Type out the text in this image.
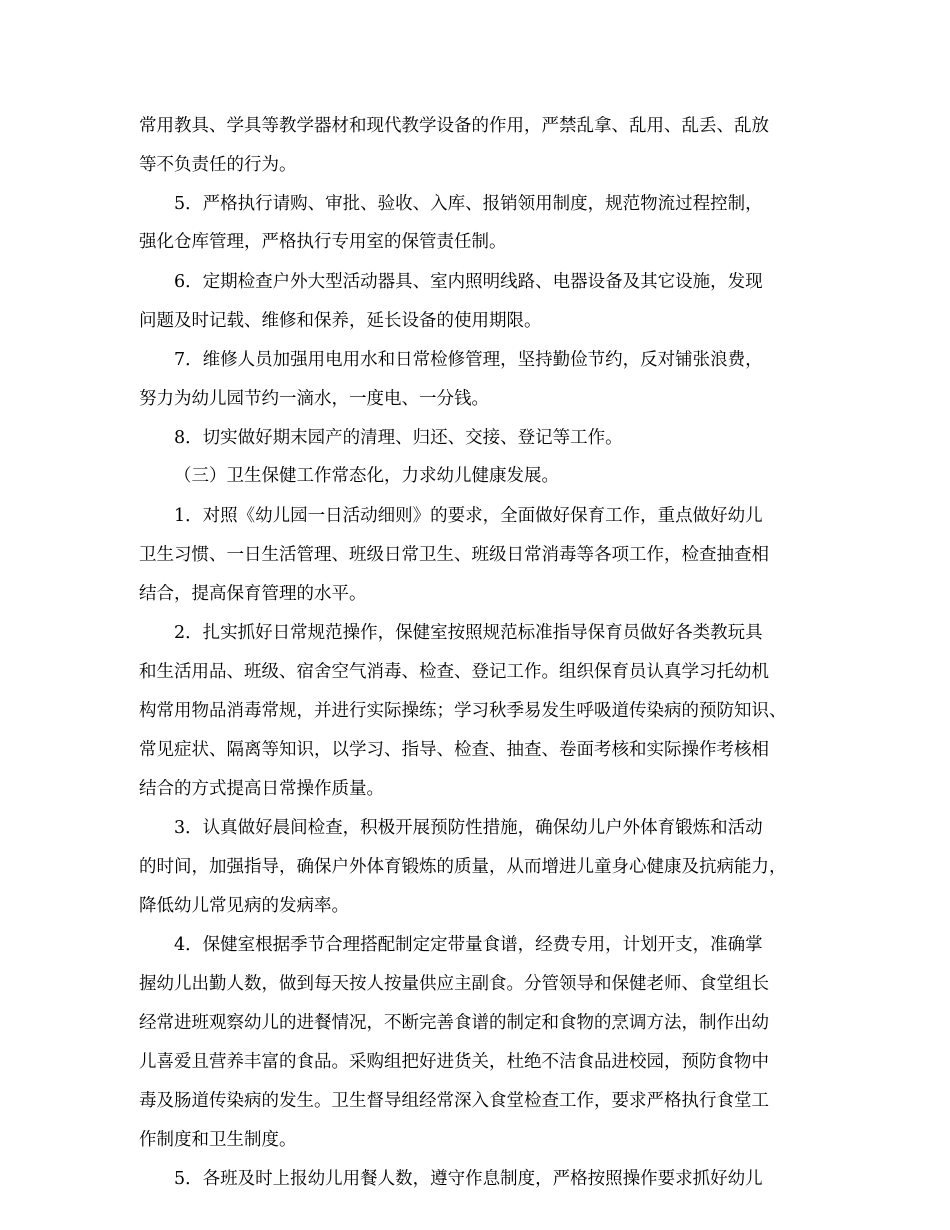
常用教具、学具等教学器材和现代教学设备的作用，严禁乱拿、乱用、乱丢、乱放
等不负责任的行为。
5．严格执行请购、审批、验收、入库、报销领用制度，规范物流过程控制，
强化仓库管理，严格执行专用室的保管责任制。
6．定期检查户外大型活动器具、室内照明线路、电器设备及其它设施，发现
问题及时记载、维修和保养，延长设备的使用期限。
7．维修人员加强用电用水和日常检修管理，坚持勤俭节约，反对铺张浪费，
努力为幼儿园节约一滴水，一度电、一分钱。
8．切实做好期末园产的清理、归还、交接、登记等工作。
（三）卫生保健工作常态化，力求幼儿健康发展。
1．对照《幼儿园一日活动细则》的要求，全面做好保育工作，重点做好幼儿
卫生习惯、一日生活管理、班级日常卫生、班级日常消毒等各项工作，检查抽查相
结合，提高保育管理的水平。
2．扎实抓好日常规范操作，保健室按照规范标准指导保育员做好各类教玩具
和生活用品、班级、宿舍空气消毒、检查、登记工作。组织保育员认真学习托幼机
构常用物品消毒常规，并进行实际操练；学习秋季易发生呼吸道传染病的预防知识、
常见症状、隔离等知识，以学习、指导、检查、抽查、卷面考核和实际操作考核相
结合的方式提高日常操作质量。
3．认真做好晨间检查，积极开展预防性措施，确保幼儿户外体育锻炼和活动
的时间，加强指导，确保户外体育锻炼的质量，从而增进儿童身心健康及抗病能力，
降低幼儿常见病的发病率。
4．保健室根据季节合理搭配制定定带量食谱，经费专用，计划开支，准确掌
握幼儿出勤人数，做到每天按人按量供应主副食。分管领导和保健老师、食堂组长
经常进班观察幼儿的进餐情况，不断完善食谱的制定和食物的烹调方法，制作出幼
儿喜爱且营养丰富的食品。采购组把好进货关，杜绝不洁食品进校园，预防食物中
毒及肠道传染病的发生。卫生督导组经常深入食堂检查工作，要求严格执行食堂工
作制度和卫生制度。
5．各班及时上报幼儿用餐人数，遵守作息制度，严格按照操作要求抓好幼儿
